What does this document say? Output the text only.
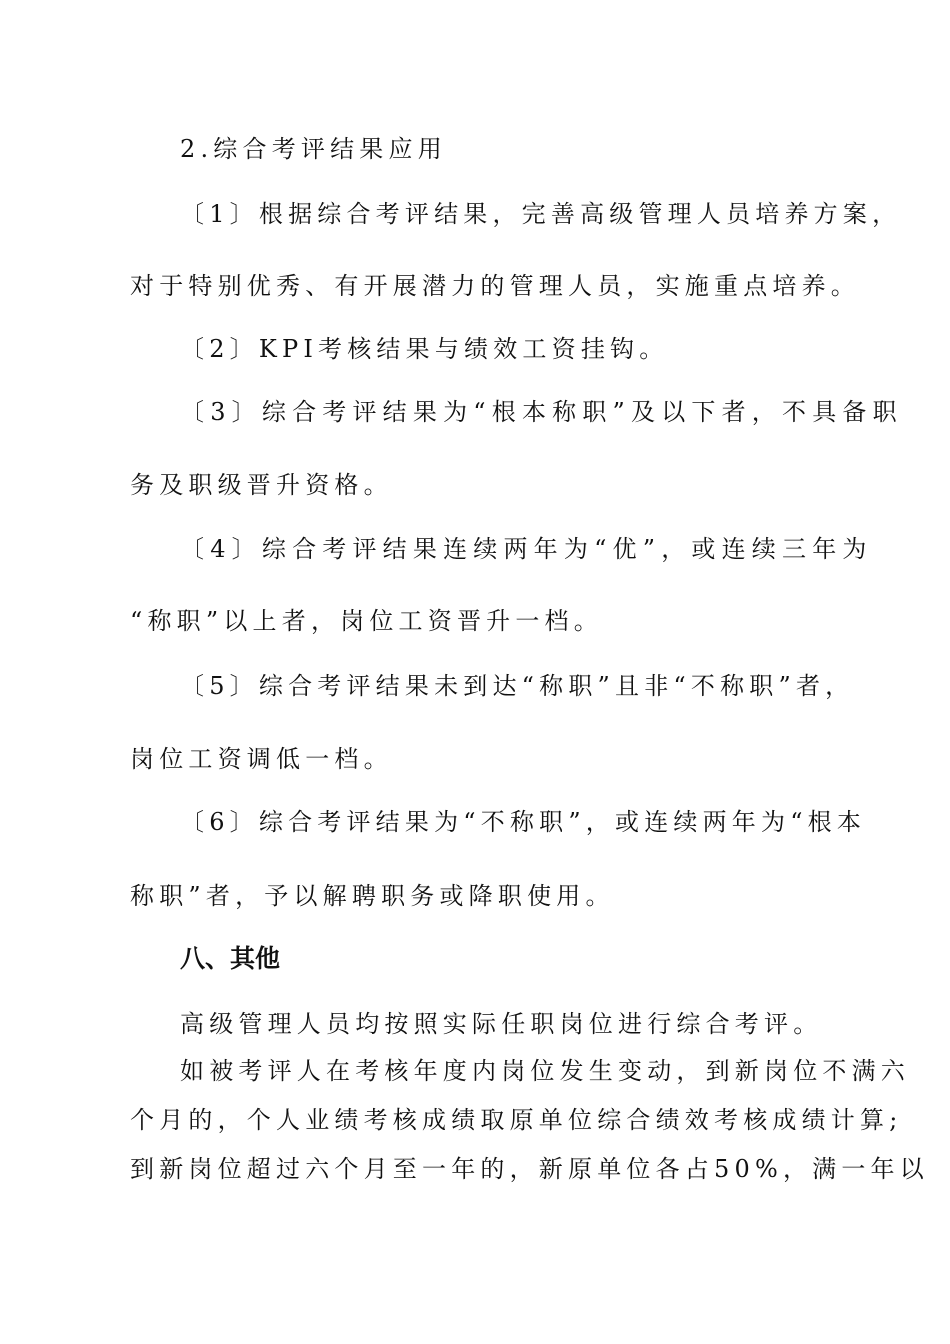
2.综合考评结果应用
〔1〕根据综合考评结果，完善高级管理人员培养方案，
对于特别优秀、有开展潜力的管理人员，实施重点培养。
〔2〕KPI考核结果与绩效工资挂钩。
〔3〕综合考评结果为“根本称职”及以下者，不具备职
务及职级晋升资格。
〔4〕综合考评结果连续两年为“优”，或连续三年为
“称职”以上者，岗位工资晋升一档。
〔5〕综合考评结果未到达“称职”且非“不称职”者，
岗位工资调低一档。
〔6〕综合考评结果为“不称职”，或连续两年为“根本
称职”者，予以解聘职务或降职使用。
八、其他
高级管理人员均按照实际任职岗位进行综合考评。
如被考评人在考核年度内岗位发生变动，到新岗位不满六
个月的，个人业绩考核成绩取原单位综合绩效考核成绩计算;
到新岗位超过六个月至一年的，新原单位各占50%，满一年以
